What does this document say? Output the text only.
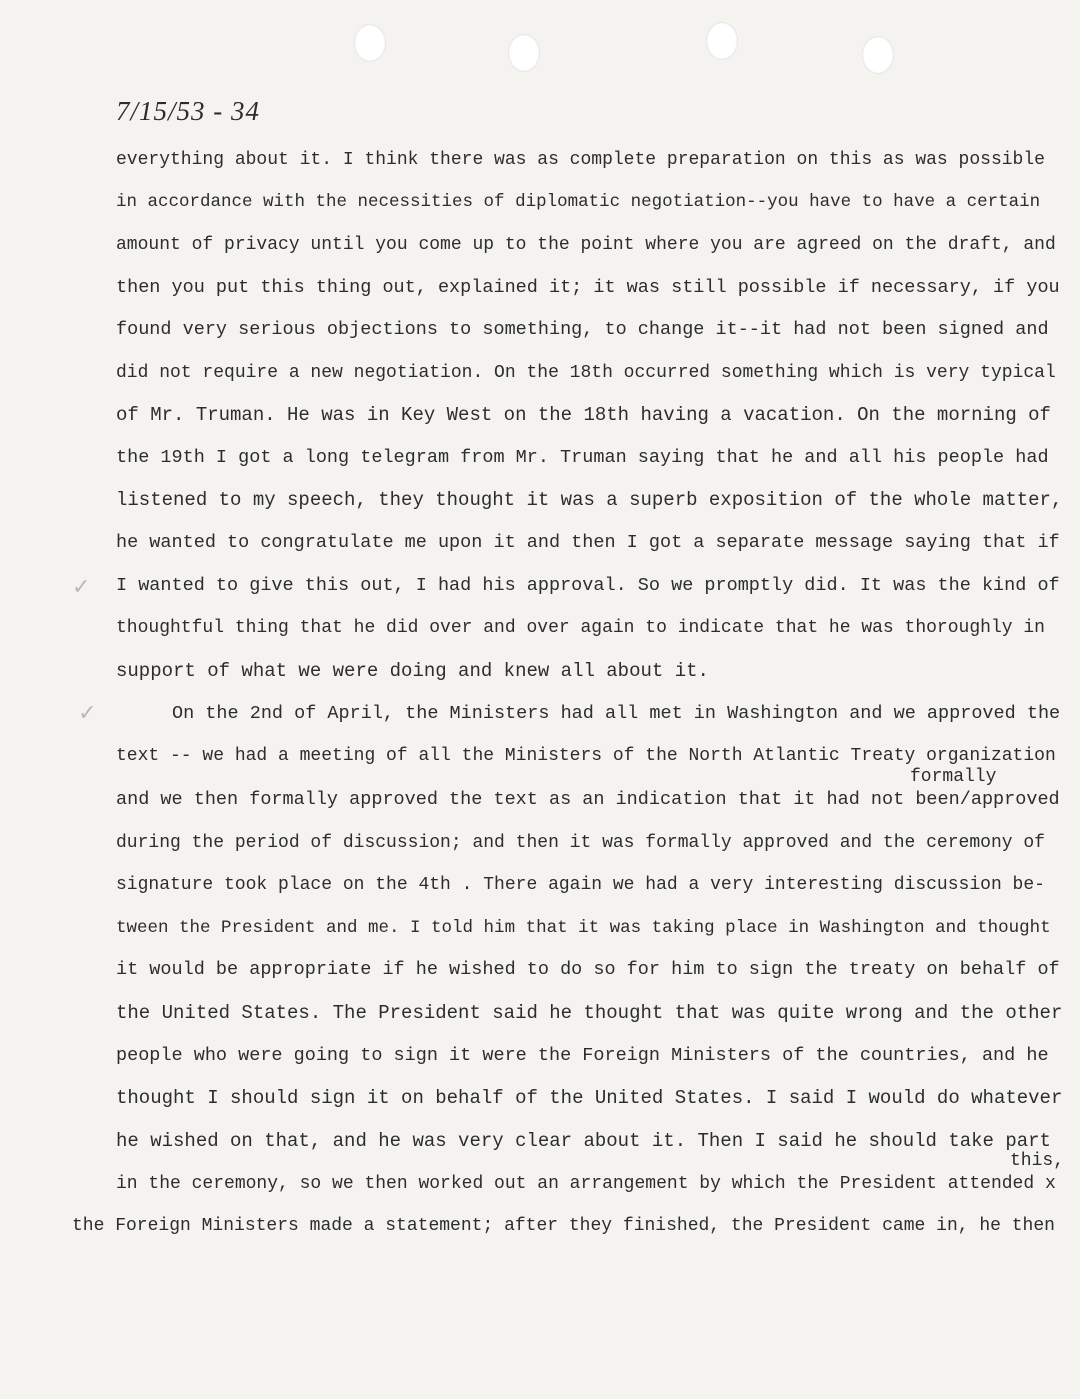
7/15/53 - 34
✓
✓
everything about it. I think there was as complete preparation on this as was possible
in accordance with the necessities of diplomatic negotiation--you have to have a certain
amount of privacy until you come up to the point where you are agreed on the draft, and
then you put this thing out, explained it; it was still possible if necessary, if you
found very serious objections to something, to change it--it had not been signed and
did not require a new negotiation. On the 18th occurred something which is very typical
of Mr. Truman. He was in Key West on the 18th having a vacation. On the morning of
the 19th I got a long telegram from Mr. Truman saying that he and all his people had
listened to my speech, they thought it was a superb exposition of the whole matter,
he wanted to congratulate me upon it and then I got a separate message saying that if
I wanted to give this out, I had his approval. So we promptly did. It was the kind of
thoughtful thing that he did over and over again to indicate that he was thoroughly in
support of what we were doing and knew all about it.
On the 2nd of April, the Ministers had all met in Washington and we approved the
text -- we had a meeting of all the Ministers of the North Atlantic Treaty organization
formally
and we then formally approved the text as an indication that it had not been/approved
during the period of discussion; and then it was formally approved and the ceremony of
signature took place on the 4th . There again we had a very interesting discussion be-
tween the President and me. I told him that it was taking place in Washington and thought
it would be appropriate if he wished to do so for him to sign the treaty on behalf of
the United States. The President said he thought that was quite wrong and the other
people who were going to sign it were the Foreign Ministers of the countries, and he
thought I should sign it on behalf of the United States. I said I would do whatever
he wished on that, and he was very clear about it. Then I said he should take part
this,
in the ceremony, so we then worked out an arrangement by which the President attended x
the Foreign Ministers made a statement; after they finished, the President came in, he then
